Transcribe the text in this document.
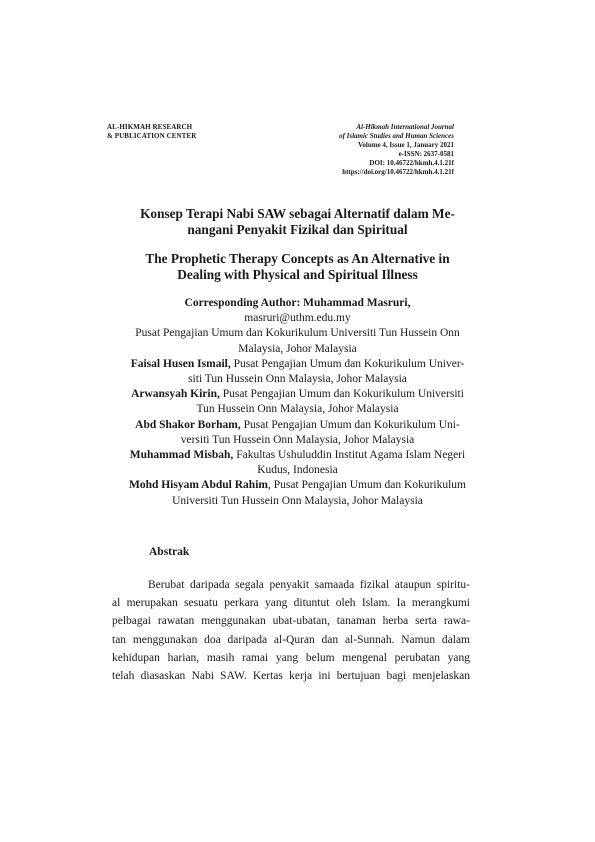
AL-HIKMAH RESEARCH
& PUBLICATION CENTER
Al-Hikmah International Journal
of Islamic Studies and Human Sciences
Volume 4, Issue 1, January 2021
e-ISSN: 2637-0581
DOI: 10.46722/hkmh.4.1.21f
https://doi.org/10.46722/hkmh.4.1.21f
Konsep Terapi Nabi SAW sebagai Alternatif dalam Me-
nangani Penyakit Fizikal dan Spiritual
The Prophetic Therapy Concepts as An Alternative in
Dealing with Physical and Spiritual Illness
Corresponding Author: Muhammad Masruri,
masruri@uthm.edu.my
Pusat Pengajian Umum dan Kokurikulum Universiti Tun Hussein Onn
Malaysia, Johor Malaysia
Faisal Husen Ismail, Pusat Pengajian Umum dan Kokurikulum Univer-
siti Tun Hussein Onn Malaysia, Johor Malaysia
Arwansyah Kirin, Pusat Pengajian Umum dan Kokurikulum Universiti
Tun Hussein Onn Malaysia, Johor Malaysia
Abd Shakor Borham, Pusat Pengajian Umum dan Kokurikulum Uni-
versiti Tun Hussein Onn Malaysia, Johor Malaysia
Muhammad Misbah, Fakultas Ushuluddin Institut Agama Islam Negeri
Kudus, Indonesia
Mohd Hisyam Abdul Rahim, Pusat Pengajian Umum dan Kokurikulum
Universiti Tun Hussein Onn Malaysia, Johor Malaysia
Abstrak
Berubat daripada segala penyakit samaada fizikal ataupun spiritu-
al merupakan sesuatu perkara yang dituntut oleh Islam. Ia merangkumi
pelbagai rawatan menggunakan ubat-ubatan, tanaman herba serta rawa-
tan menggunakan doa daripada al-Quran dan al-Sunnah. Namun dalam
kehidupan harian, masih ramai yang belum mengenal perubatan yang
telah diasaskan Nabi SAW. Kertas kerja ini bertujuan bagi menjelaskan
